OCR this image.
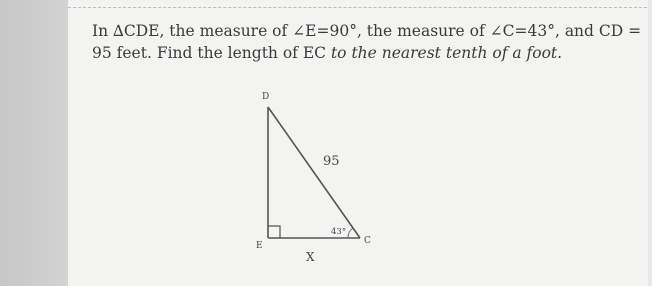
In ∆CDE, the measure of ∠E=90°, the measure of ∠C=43°, and CD = 95 feet. Find the length of EC to the nearest tenth of a foot.

D
E	C
95
43°
X
